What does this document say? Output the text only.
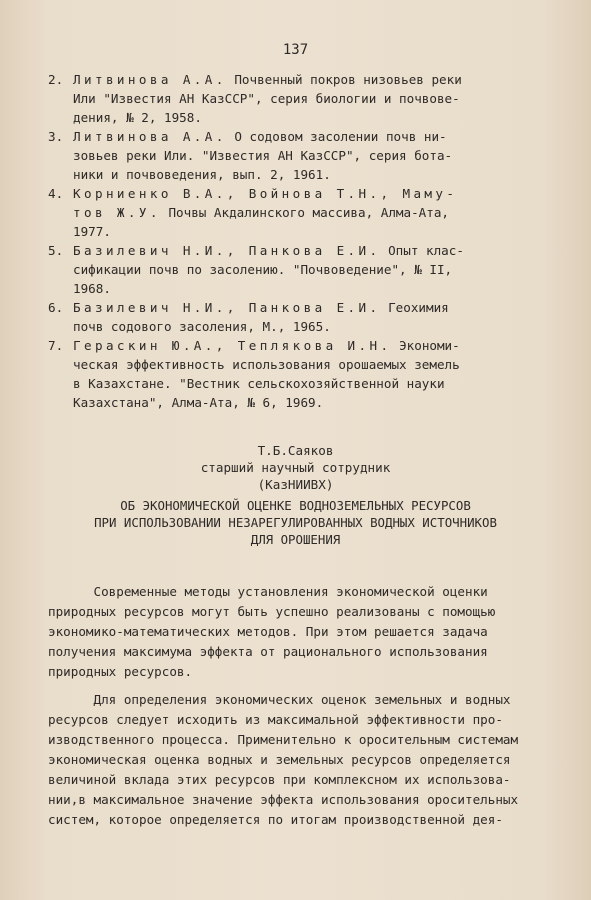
137
2. Литвинова А.А. Почвенный покров низовьев реки
Или "Известия АН КазССР", серия биологии и почвове-
дения, № 2, 1958.
3. Литвинова А.А. О содовом засолении почв ни-
зовьев реки Или. "Известия АН КазССР", серия бота-
ники и почвоведения, вып. 2, 1961.
4. Корниенко В.А., Войнова Т.Н., Маму-
тов Ж.У. Почвы Акдалинского массива, Алма-Ата,
1977.
5. Базилевич Н.И., Панкова Е.И. Опыт клас-
сификации почв по засолению. "Почвоведение", № II,
1968.
6. Базилевич Н.И., Панкова Е.И. Геохимия
почв содового засоления, М., 1965.
7. Гераскин Ю.А., Теплякова И.Н. Экономи-
ческая эффективность использования орошаемых земель
в Казахстане. "Вестник сельскохозяйственной науки
Казахстана", Алма-Ата, № 6, 1969.
Т.Б.Саяков
старший научный сотрудник
(КазНИИВХ)
ОБ ЭКОНОМИЧЕСКОЙ ОЦЕНКЕ ВОДНОЗЕМЕЛЬНЫХ РЕСУРСОВ
ПРИ ИСПОЛЬЗОВАНИИ НЕЗАРЕГУЛИРОВАННЫХ ВОДНЫХ ИСТОЧНИКОВ
ДЛЯ ОРОШЕНИЯ
Современные методы установления экономической оценки
природных ресурсов могут быть успешно реализованы с помощью
экономико-математических методов. При этом решается задача
получения максимума эффекта от рационального использования
природных ресурсов.
Для определения экономических оценок земельных и водных
ресурсов следует исходить из максимальной эффективности про-
изводственного процесса. Применительно к оросительным системам
экономическая оценка водных и земельных ресурсов определяется
величиной вклада этих ресурсов при комплексном их использова-
нии,в максимальное значение эффекта использования оросительных
систем, которое определяется по итогам производственной дея-
